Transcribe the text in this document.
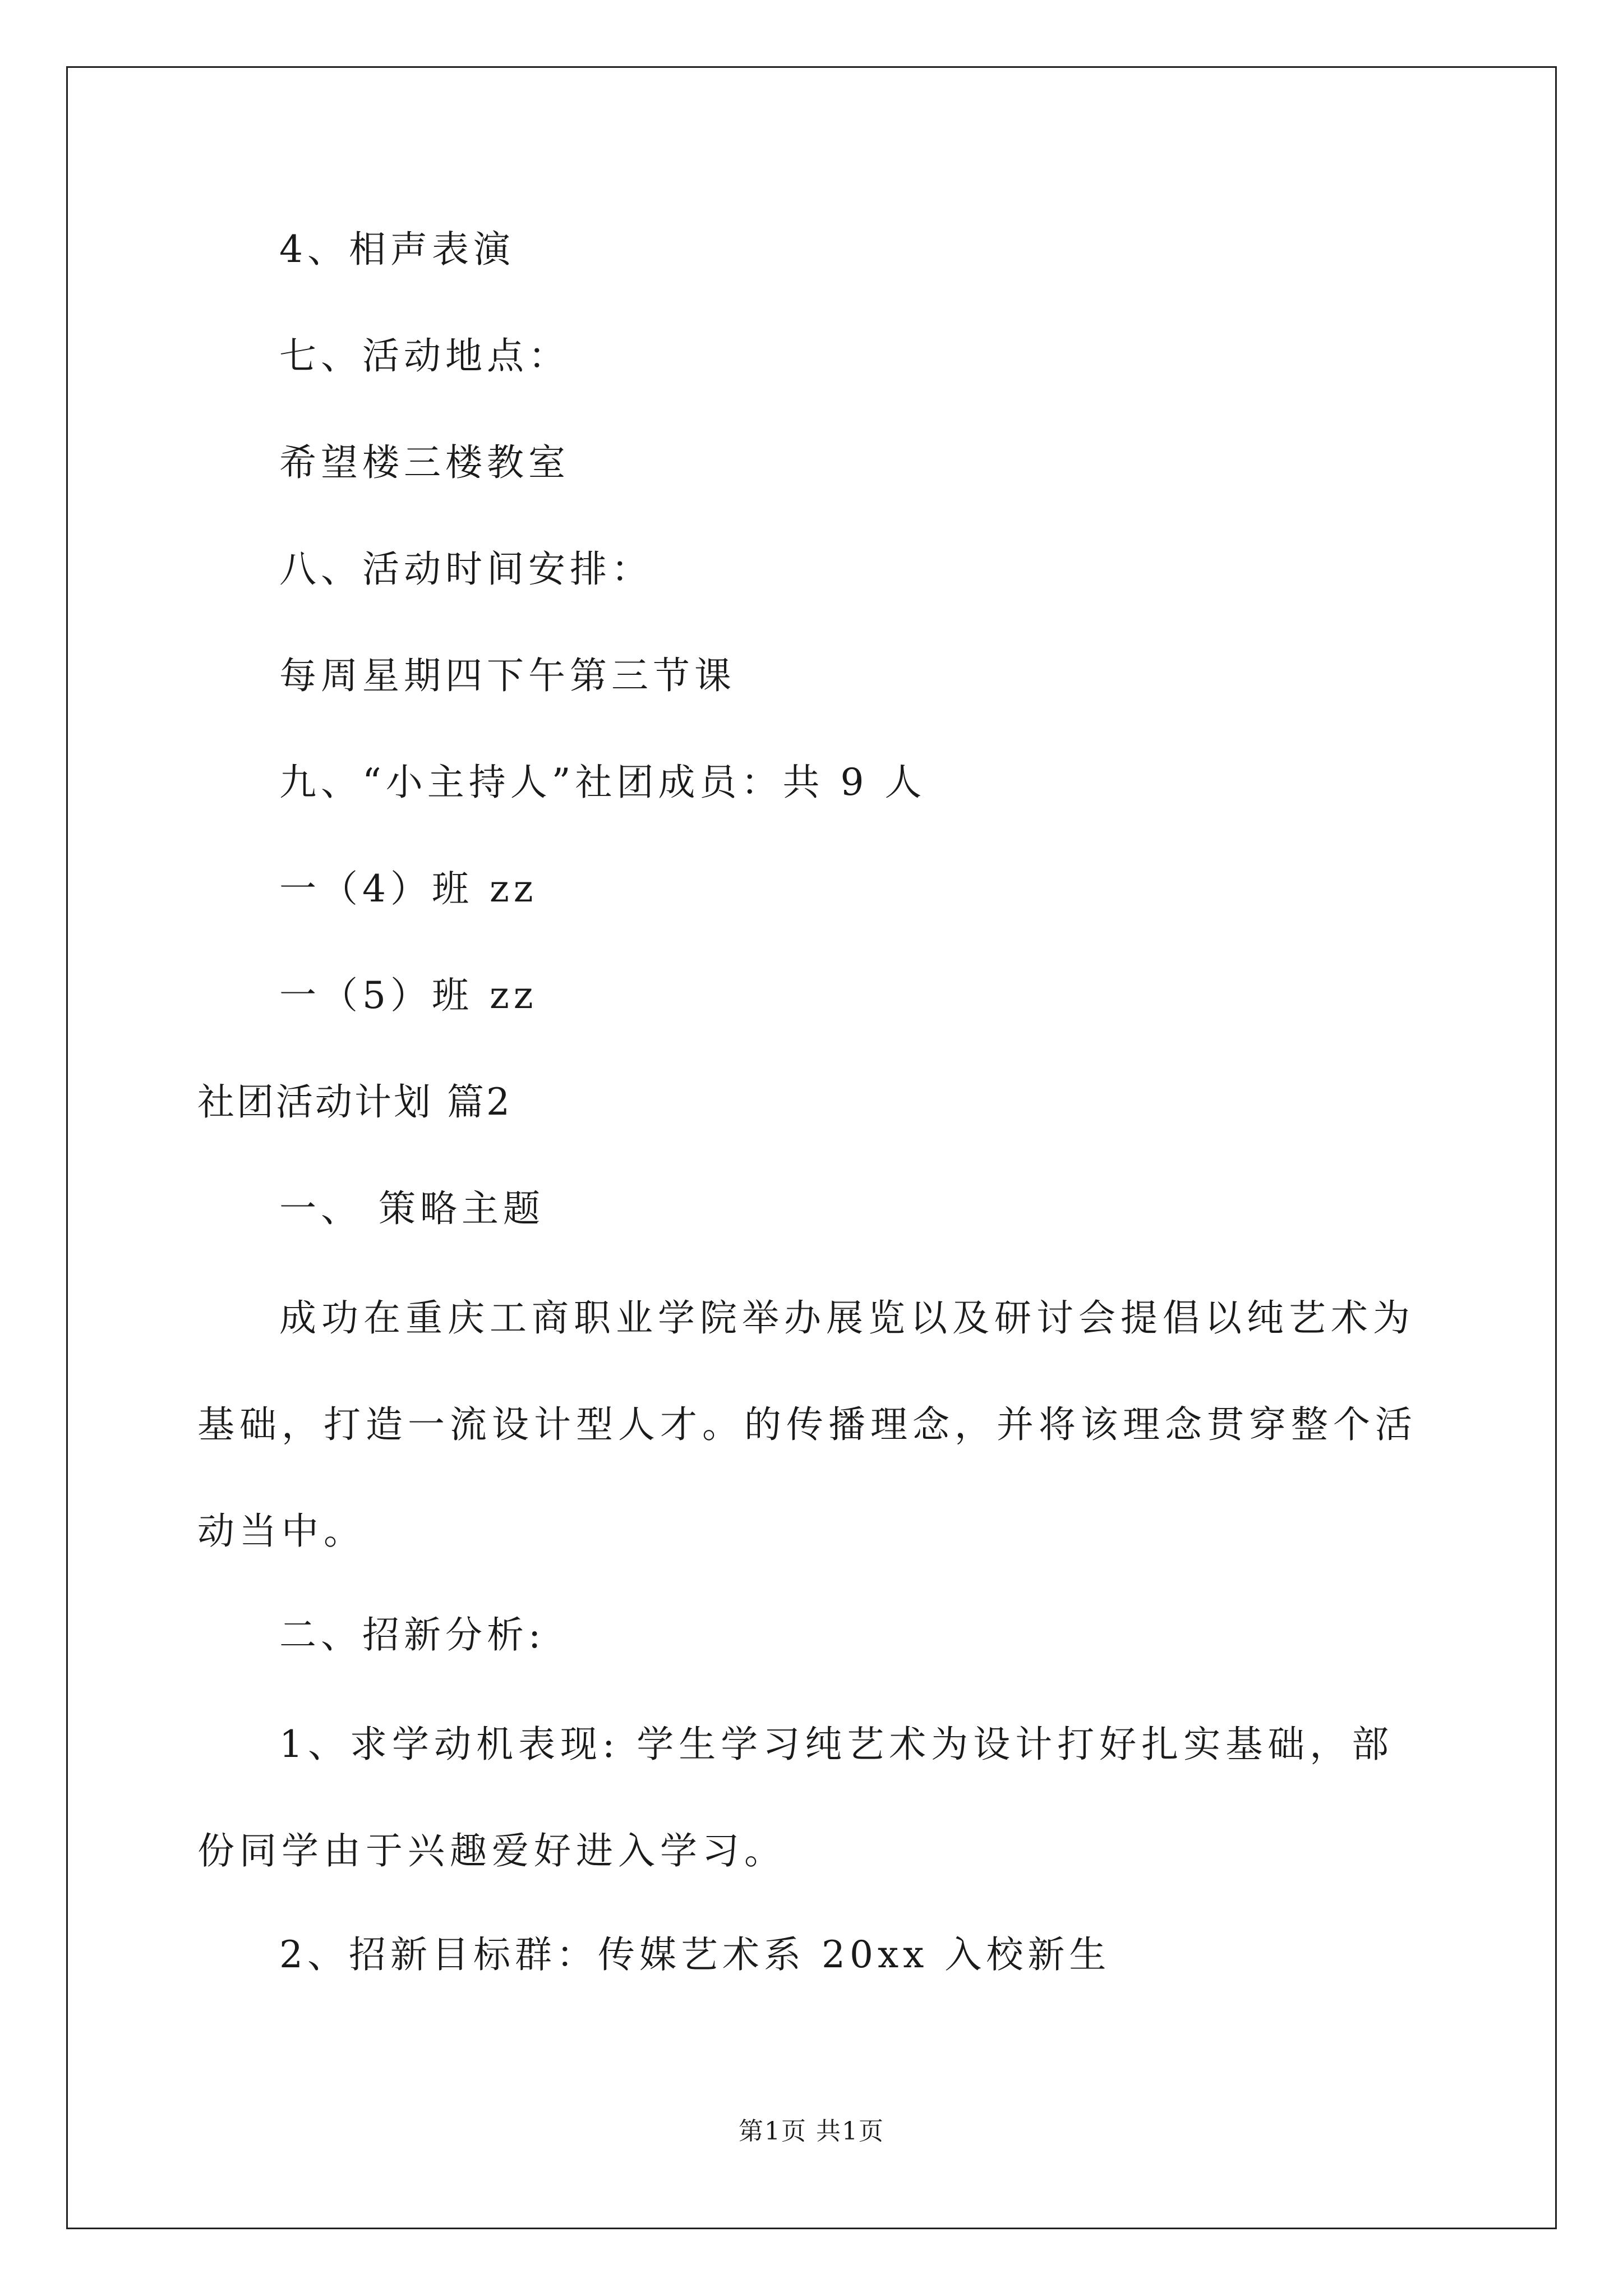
4、相声表演
七、活动地点：
希望楼三楼教室
八、活动时间安排：
每周星期四下午第三节课
九、“小主持人”社团成员：共 9 人
一（4）班 zz
一（5）班 zz
社团活动计划 篇2
一、 策略主题

成功在重庆工商职业学院举办展览以及研讨会提倡以纯艺术为基础，打造一流设计型人才。的传播理念，并将该理念贯穿整个活动当中。

二、招新分析:

1、求学动机表现: 学生学习纯艺术为设计打好扎实基础，部份同学由于兴趣爱好进入学习。

2、招新目标群：传媒艺术系 20xx 入校新生
第1页 共1页
